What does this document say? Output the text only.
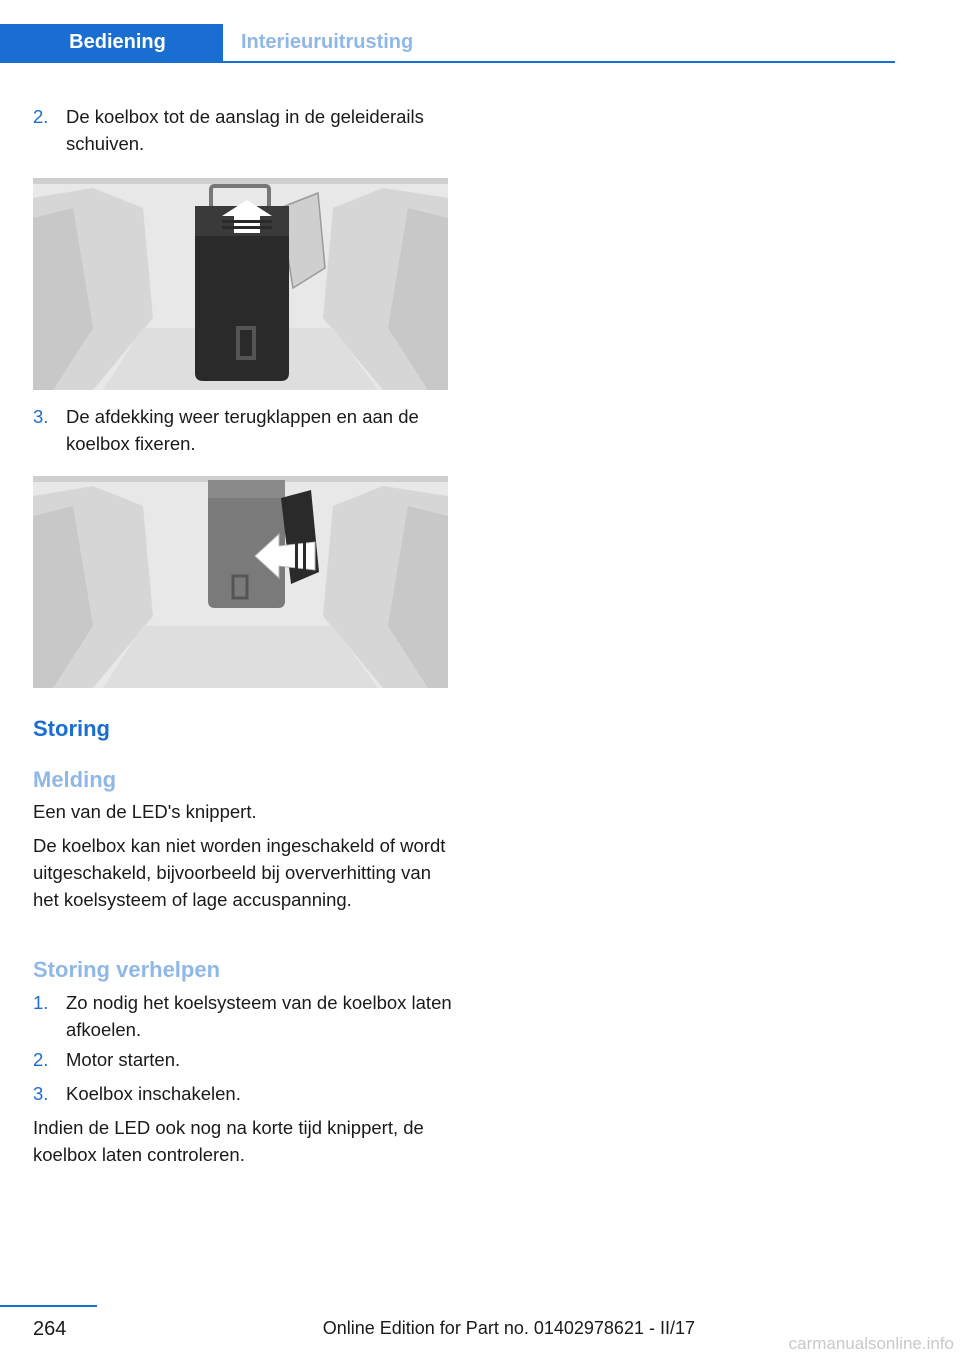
Bediening	Interieuruitrusting
2. De koelbox tot de aanslag in de geleiderails schuiven.
3. De afdekking weer terugklappen en aan de koelbox fixeren.
Storing
Melding

Een van de LED's knippert.

De koelbox kan niet worden ingeschakeld of wordt uitgeschakeld, bijvoorbeeld bij oververhitting van het koelsysteem of lage accuspanning.

Storing verhelpen
1. Zo nodig het koelsysteem van de koelbox laten afkoelen.
2. Motor starten.
3. Koelbox inschakelen.

Indien de LED ook nog na korte tijd knippert, de koelbox laten controleren.

264	Online Edition for Part no. 01402978621 - II/17
carmanualsonline.info
